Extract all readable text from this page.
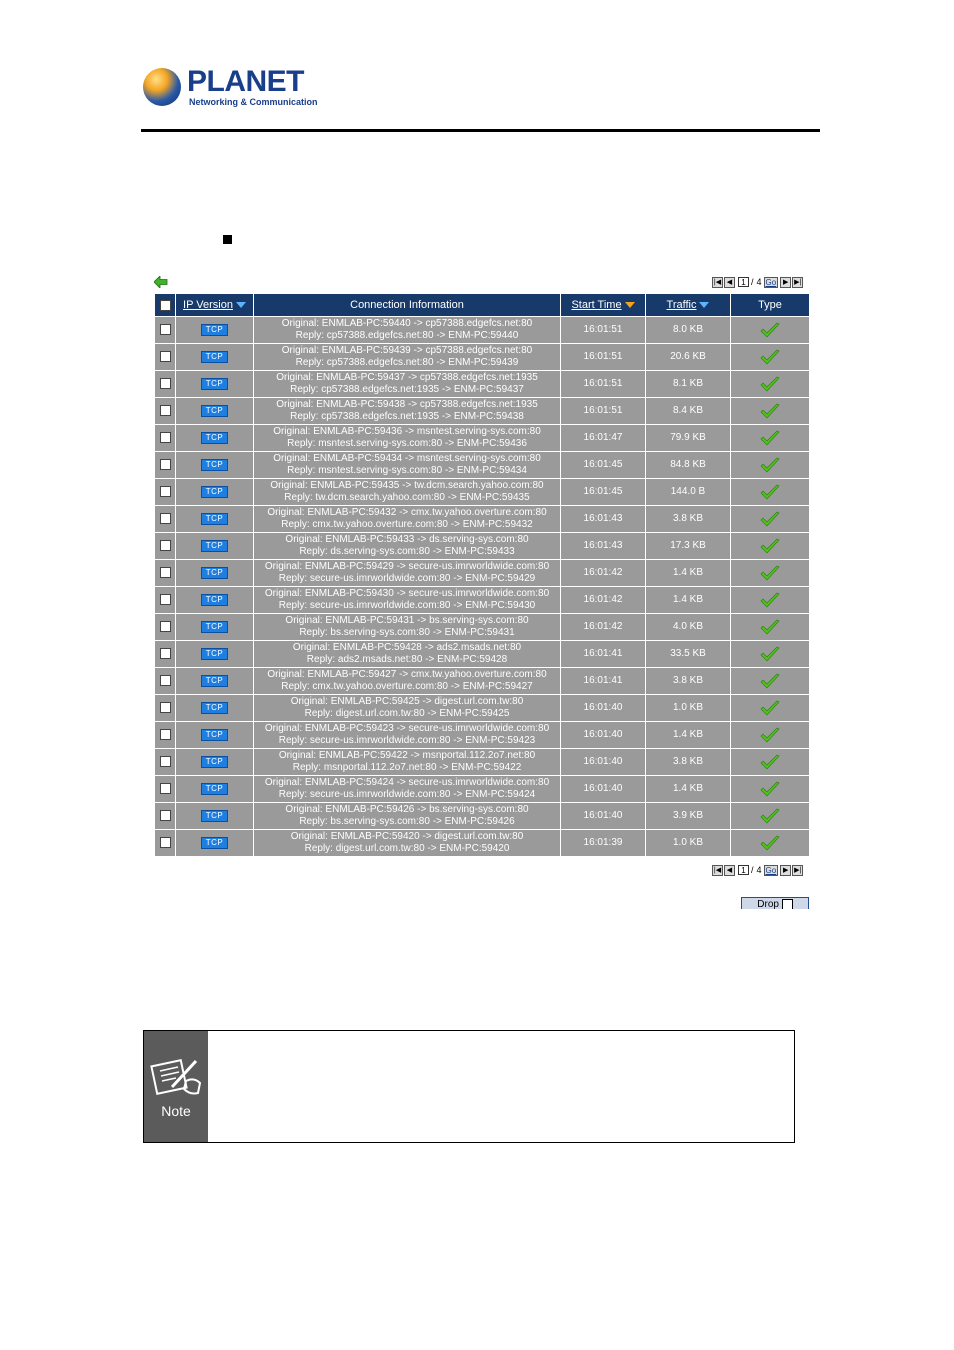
PLANET
Networking & Communication
|◀ ◀	1 / 4 Go ▶ ▶|
	IP Version	Connection Information	Start Time	Traffic	Type
	TCP	Original: ENMLAB-PC:59440 -> cp57388.edgefcs.net:80
Reply: cp57388.edgefcs.net:80 -> ENM-PC:59440	16:01:51	8.0 KB	
	TCP	Original: ENMLAB-PC:59439 -> cp57388.edgefcs.net:80
Reply: cp57388.edgefcs.net:80 -> ENM-PC:59439	16:01:51	20.6 KB	
	TCP	Original: ENMLAB-PC:59437 -> cp57388.edgefcs.net:1935
Reply: cp57388.edgefcs.net:1935 -> ENM-PC:59437	16:01:51	8.1 KB	
	TCP	Original: ENMLAB-PC:59438 -> cp57388.edgefcs.net:1935
Reply: cp57388.edgefcs.net:1935 -> ENM-PC:59438	16:01:51	8.4 KB	
	TCP	Original: ENMLAB-PC:59436 -> msntest.serving-sys.com:80
Reply: msntest.serving-sys.com:80 -> ENM-PC:59436	16:01:47	79.9 KB	
	TCP	Original: ENMLAB-PC:59434 -> msntest.serving-sys.com:80
Reply: msntest.serving-sys.com:80 -> ENM-PC:59434	16:01:45	84.8 KB	
	TCP	Original: ENMLAB-PC:59435 -> tw.dcm.search.yahoo.com:80
Reply: tw.dcm.search.yahoo.com:80 -> ENM-PC:59435	16:01:45	144.0 B	
	TCP	Original: ENMLAB-PC:59432 -> cmx.tw.yahoo.overture.com:80
Reply: cmx.tw.yahoo.overture.com:80 -> ENM-PC:59432	16:01:43	3.8 KB	
	TCP	Original: ENMLAB-PC:59433 -> ds.serving-sys.com:80
Reply: ds.serving-sys.com:80 -> ENM-PC:59433	16:01:43	17.3 KB	
	TCP	Original: ENMLAB-PC:59429 -> secure-us.imrworldwide.com:80
Reply: secure-us.imrworldwide.com:80 -> ENM-PC:59429	16:01:42	1.4 KB	
	TCP	Original: ENMLAB-PC:59430 -> secure-us.imrworldwide.com:80
Reply: secure-us.imrworldwide.com:80 -> ENM-PC:59430	16:01:42	1.4 KB	
	TCP	Original: ENMLAB-PC:59431 -> bs.serving-sys.com:80
Reply: bs.serving-sys.com:80 -> ENM-PC:59431	16:01:42	4.0 KB	
	TCP	Original: ENMLAB-PC:59428 -> ads2.msads.net:80
Reply: ads2.msads.net:80 -> ENM-PC:59428	16:01:41	33.5 KB	
	TCP	Original: ENMLAB-PC:59427 -> cmx.tw.yahoo.overture.com:80
Reply: cmx.tw.yahoo.overture.com:80 -> ENM-PC:59427	16:01:41	3.8 KB	
	TCP	Original: ENMLAB-PC:59425 -> digest.url.com.tw:80
Reply: digest.url.com.tw:80 -> ENM-PC:59425	16:01:40	1.0 KB	
	TCP	Original: ENMLAB-PC:59423 -> secure-us.imrworldwide.com:80
Reply: secure-us.imrworldwide.com:80 -> ENM-PC:59423	16:01:40	1.4 KB	
	TCP	Original: ENMLAB-PC:59422 -> msnportal.112.2o7.net:80
Reply: msnportal.112.2o7.net:80 -> ENM-PC:59422	16:01:40	3.8 KB	
	TCP	Original: ENMLAB-PC:59424 -> secure-us.imrworldwide.com:80
Reply: secure-us.imrworldwide.com:80 -> ENM-PC:59424	16:01:40	1.4 KB	
	TCP	Original: ENMLAB-PC:59426 -> bs.serving-sys.com:80
Reply: bs.serving-sys.com:80 -> ENM-PC:59426	16:01:40	3.9 KB	
	TCP	Original: ENMLAB-PC:59420 -> digest.url.com.tw:80
Reply: digest.url.com.tw:80 -> ENM-PC:59420	16:01:39	1.0 KB	
|◀ ◀	1 / 4 Go ▶ ▶|
Drop
Note
